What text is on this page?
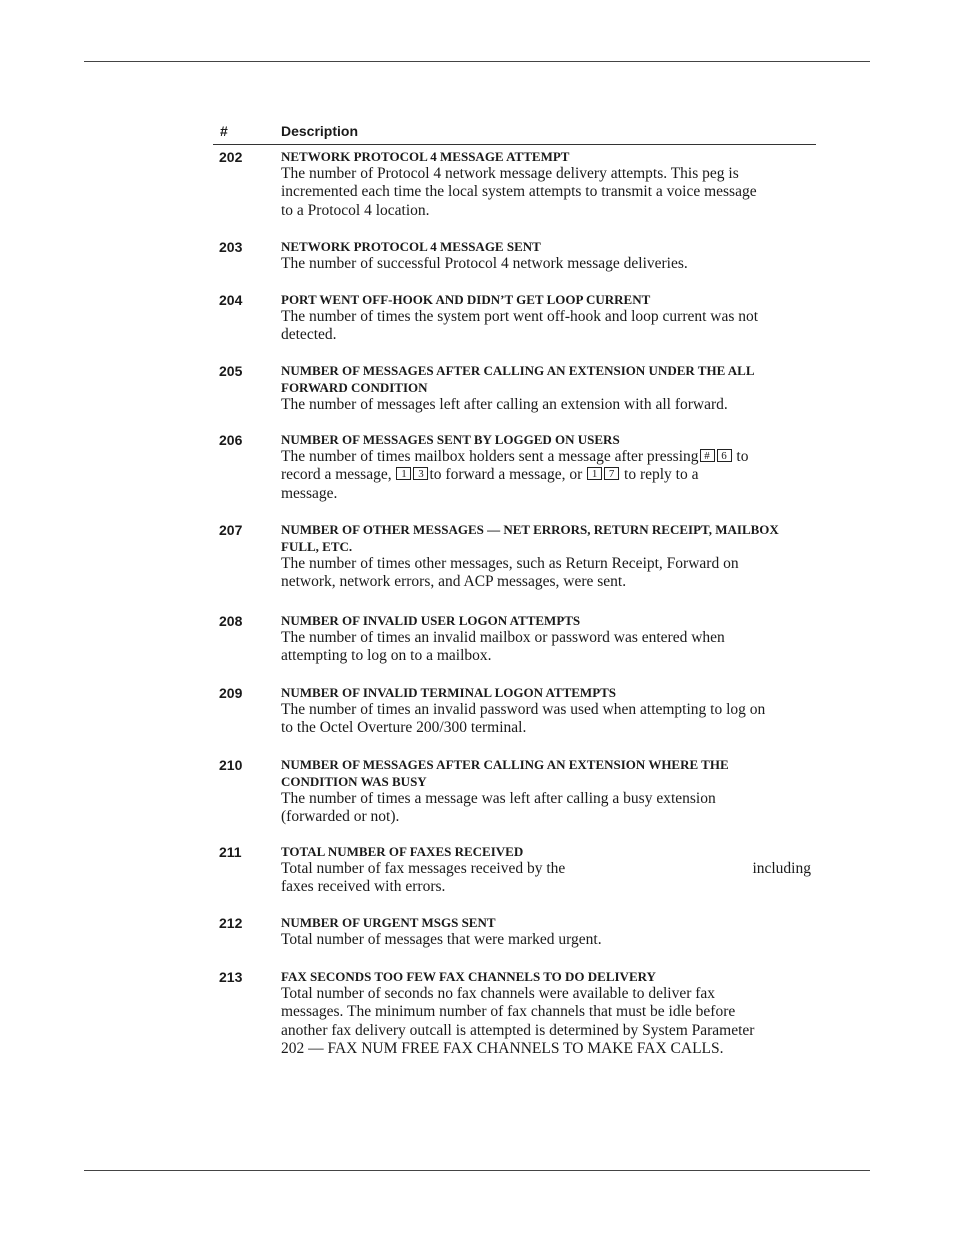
#	Description
202	NETWORK PROTOCOL 4 MESSAGE ATTEMPT
The number of Protocol 4 network message delivery attempts. This peg is
incremented each time the local system attempts to transmit a voice message
to a Protocol 4 location.
203	NETWORK PROTOCOL 4 MESSAGE SENT
The number of successful Protocol 4 network message deliveries.
204	PORT WENT OFF-HOOK AND DIDN’T GET LOOP CURRENT
The number of times the system port went off-hook and loop current was not
detected.
205	NUMBER OF MESSAGES AFTER CALLING AN EXTENSION UNDER THE ALL
FORWARD CONDITION
The number of messages left after calling an extension with all forward.
206	NUMBER OF MESSAGES SENT BY LOGGED ON USERS
The number of times mailbox holders sent a message after pressing # 6 to
record a message, 1 3 to forward a message, or 1 7 to reply to a
message.
207	NUMBER OF OTHER MESSAGES — NET ERRORS, RETURN RECEIPT, MAILBOX
FULL, ETC.
The number of times other messages, such as Return Receipt, Forward on
network, network errors, and ACP messages, were sent.
208	NUMBER OF INVALID USER LOGON ATTEMPTS
The number of times an invalid mailbox or password was entered when
attempting to log on to a mailbox.
209	NUMBER OF INVALID TERMINAL LOGON ATTEMPTS
The number of times an invalid password was used when attempting to log on
to the Octel Overture 200/300 terminal.
210	NUMBER OF MESSAGES AFTER CALLING AN EXTENSION WHERE THE
CONDITION WAS BUSY
The number of times a message was left after calling a busy extension
(forwarded or not).
211	TOTAL NUMBER OF FAXES RECEIVED
Total number of fax messages received by the	including
faxes received with errors.
212	NUMBER OF URGENT MSGS SENT
Total number of messages that were marked urgent.
213	FAX SECONDS TOO FEW FAX CHANNELS TO DO DELIVERY
Total number of seconds no fax channels were available to deliver fax
messages. The minimum number of fax channels that must be idle before
another fax delivery outcall is attempted is determined by System Parameter
202 — FAX NUM FREE FAX CHANNELS TO MAKE FAX CALLS.
